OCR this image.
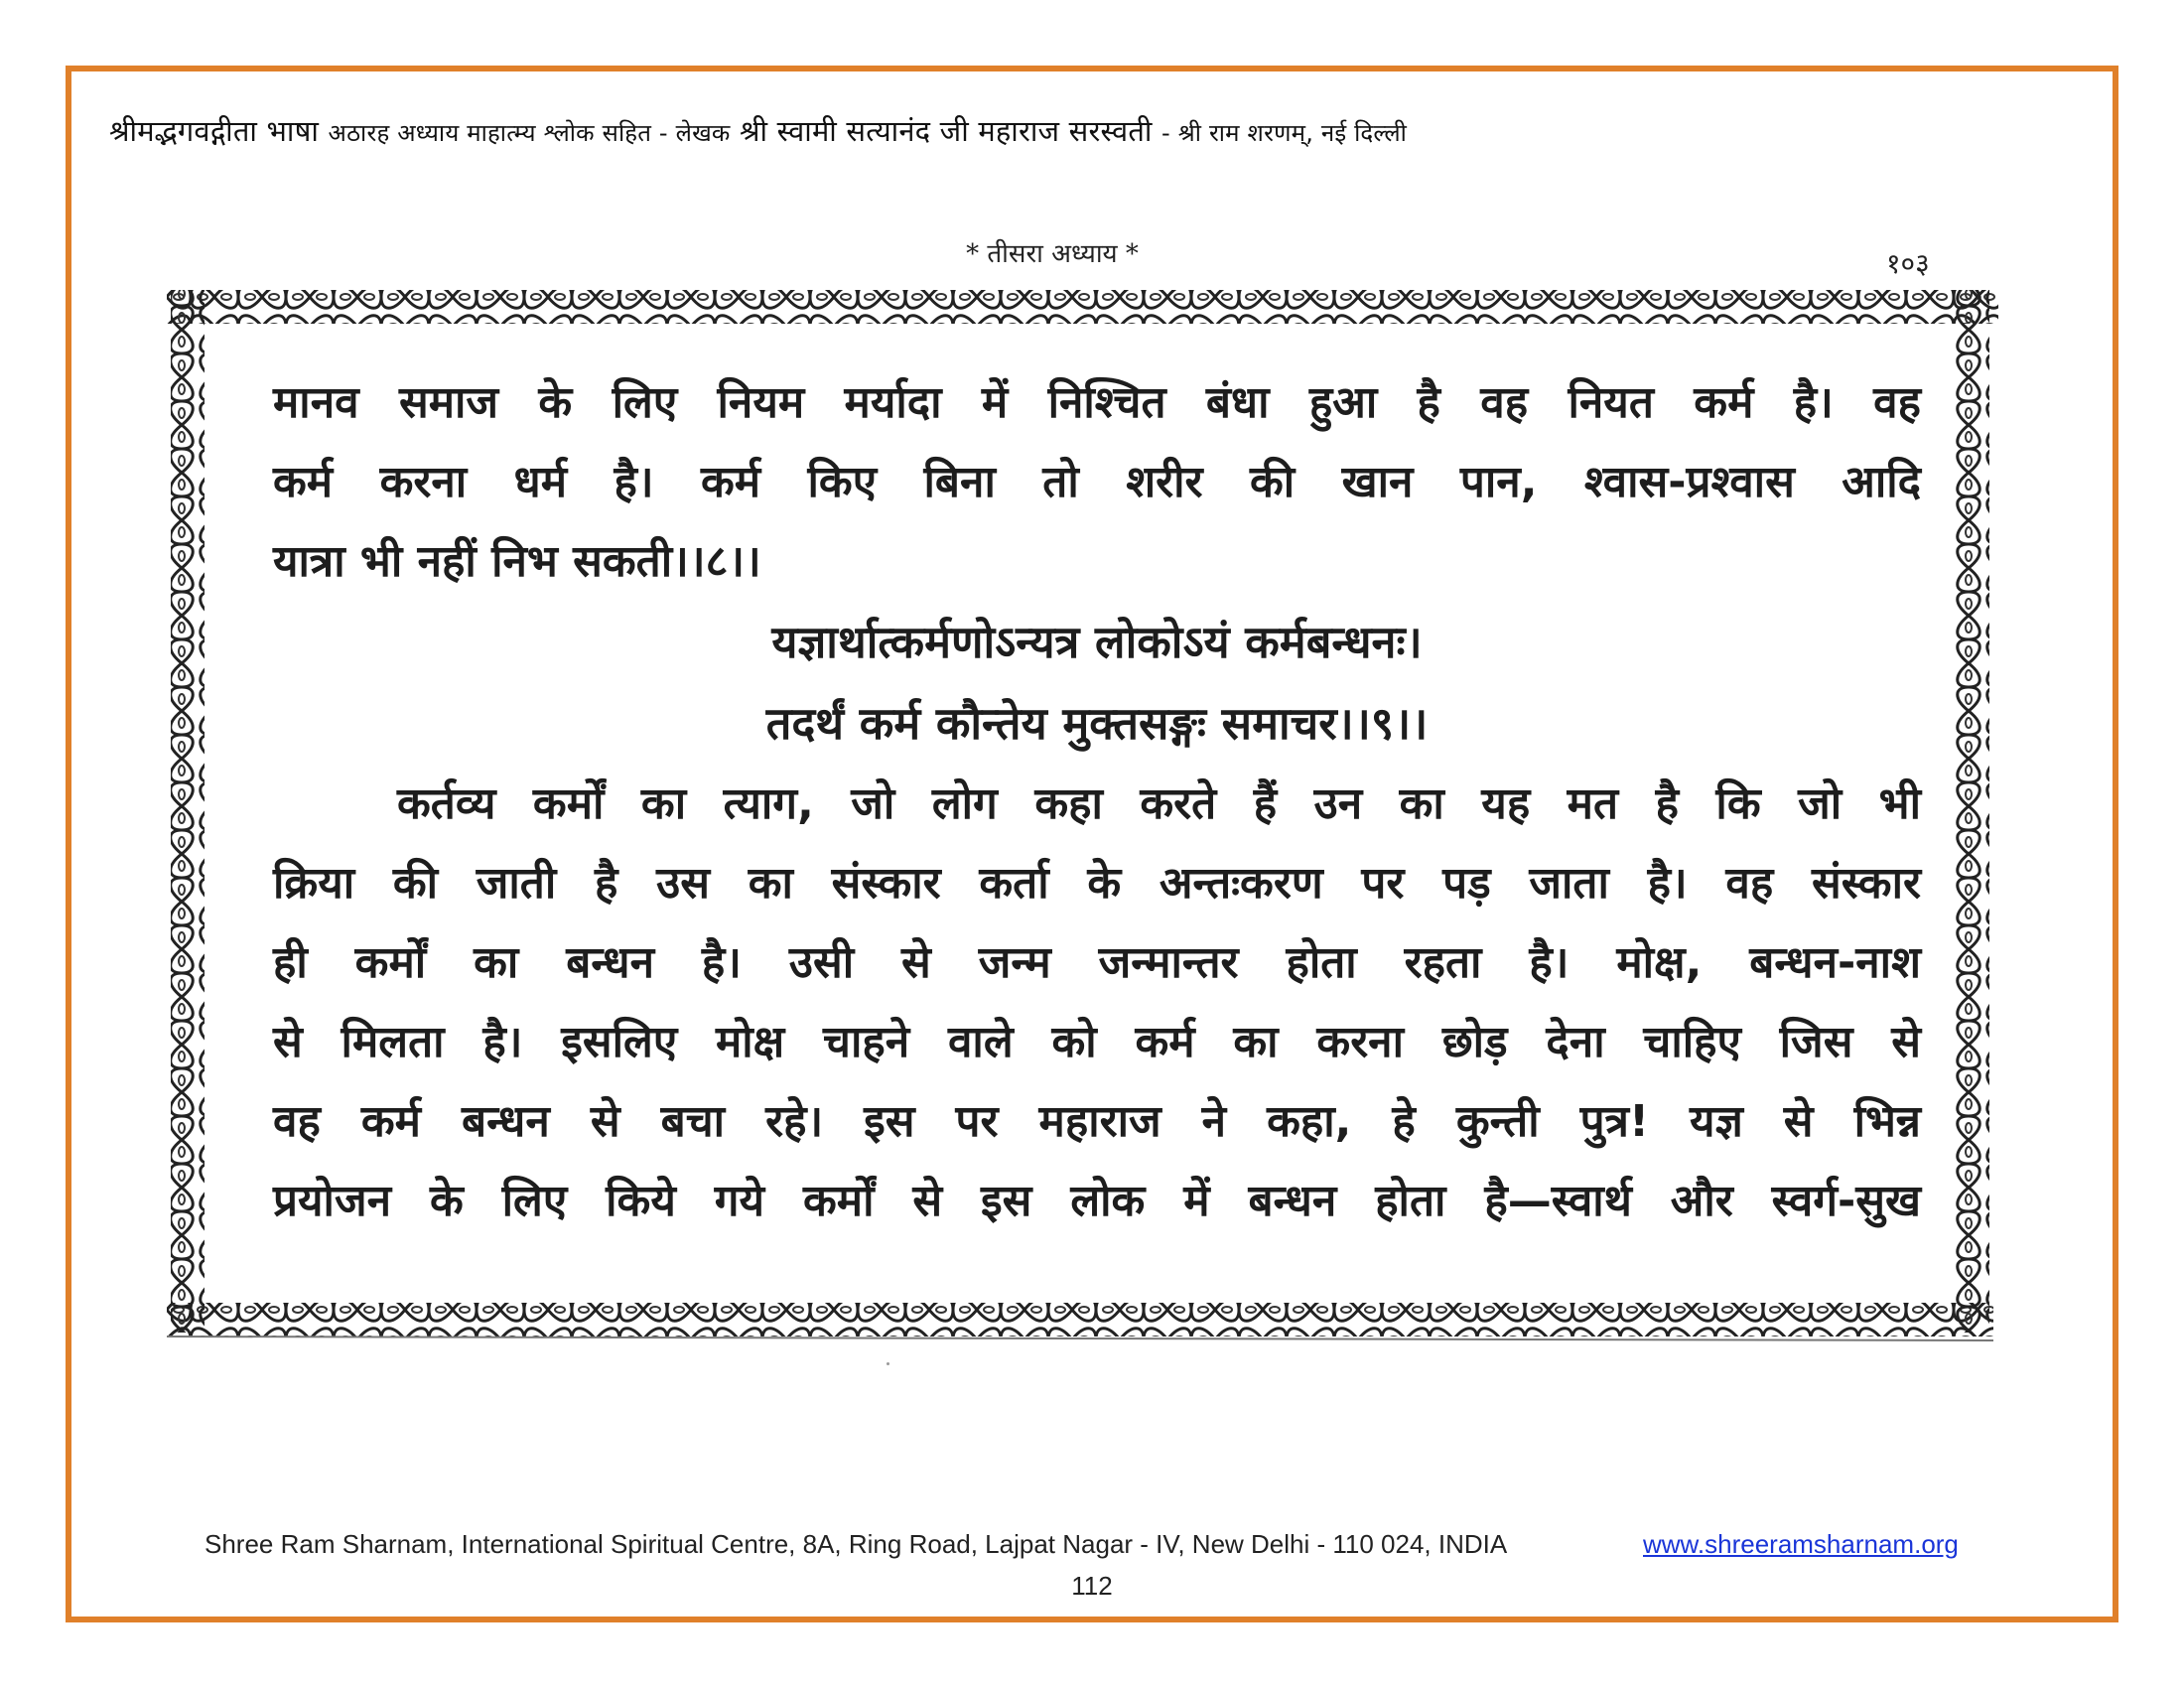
श्रीमद्भगवद्गीता भाषा अठारह अध्याय माहात्म्य श्लोक सहित - लेखक श्री स्वामी सत्यानंद जी महाराज सरस्वती - श्री राम शरणम्, नई दिल्ली
* तीसरा अध्याय *	१०३
मानव समाज के लिए नियम मर्यादा में निश्चित बंधा हुआ है वह नियत कर्म है। वह
कर्म करना धर्म है। कर्म किए बिना तो शरीर की खान पान, श्वास-प्रश्वास आदि
यात्रा भी नहीं निभ सकती।।८।।
यज्ञार्थात्कर्मणोऽन्यत्र लोकोऽयं कर्मबन्धनः।
तदर्थं कर्म कौन्तेय मुक्तसङ्गः समाचर।।९।।
कर्तव्य कर्मों का त्याग, जो लोग कहा करते हैं उन का यह मत है कि जो भी
क्रिया की जाती है उस का संस्कार कर्ता के अन्तःकरण पर पड़ जाता है। वह संस्कार
ही कर्मों का बन्धन है। उसी से जन्म जन्मान्तर होता रहता है। मोक्ष, बन्धन-नाश
से मिलता है। इसलिए मोक्ष चाहने वाले को कर्म का करना छोड़ देना चाहिए जिस से
वह कर्म बन्धन से बचा रहे। इस पर महाराज ने कहा, हे कुन्ती पुत्र! यज्ञ से भिन्न
प्रयोजन के लिए किये गये कर्मों से इस लोक में बन्धन होता है—स्वार्थ और स्वर्ग-सुख
Shree Ram Sharnam, International Spiritual Centre, 8A, Ring Road, Lajpat Nagar - IV, New Delhi - 110 024, INDIA	www.shreeramsharnam.org
112
